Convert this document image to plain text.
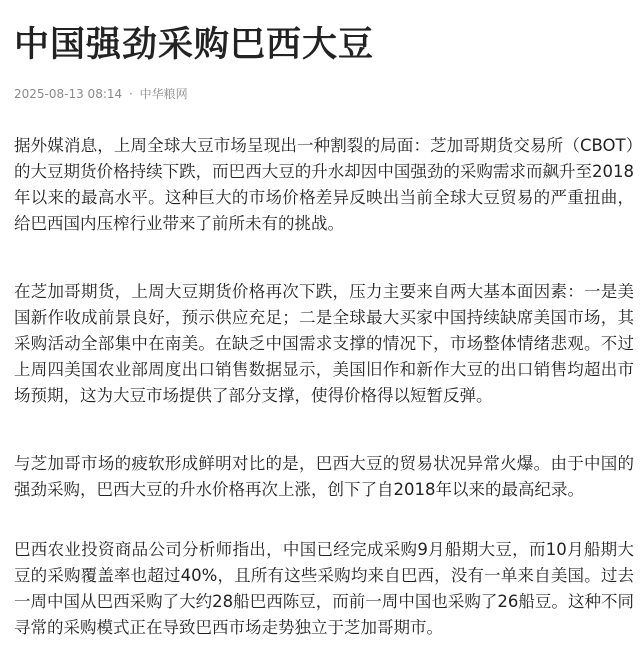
中国强劲采购巴西大豆
2025-08-13 08:14 · 中华粮网

据外媒消息，上周全球大豆市场呈现出一种割裂的局面：芝加哥期货交易所（CBOT）的大豆期货价格持续下跌，而巴西大豆的升水却因中国强劲的采购需求而飙升至2018年以来的最高水平。这种巨大的市场价格差异反映出当前全球大豆贸易的严重扭曲，给巴西国内压榨行业带来了前所未有的挑战。

在芝加哥期货，上周大豆期货价格再次下跌，压力主要来自两大基本面因素：一是美国新作收成前景良好，预示供应充足；二是全球最大买家中国持续缺席美国市场，其采购活动全部集中在南美。在缺乏中国需求支撑的情况下，市场整体情绪悲观。不过上周四美国农业部周度出口销售数据显示，美国旧作和新作大豆的出口销售均超出市场预期，这为大豆市场提供了部分支撑，使得价格得以短暂反弹。

与芝加哥市场的疲软形成鲜明对比的是，巴西大豆的贸易状况异常火爆。由于中国的强劲采购，巴西大豆的升水价格再次上涨，创下了自2018年以来的最高纪录。

巴西农业投资商品公司分析师指出，中国已经完成采购9月船期大豆，而10月船期大豆的采购覆盖率也超过40%，且所有这些采购均来自巴西，没有一单来自美国。过去一周中国从巴西采购了大约28船巴西陈豆，而前一周中国也采购了26船豆。这种不同寻常的采购模式正在导致巴西市场走势独立于芝加哥期市。
